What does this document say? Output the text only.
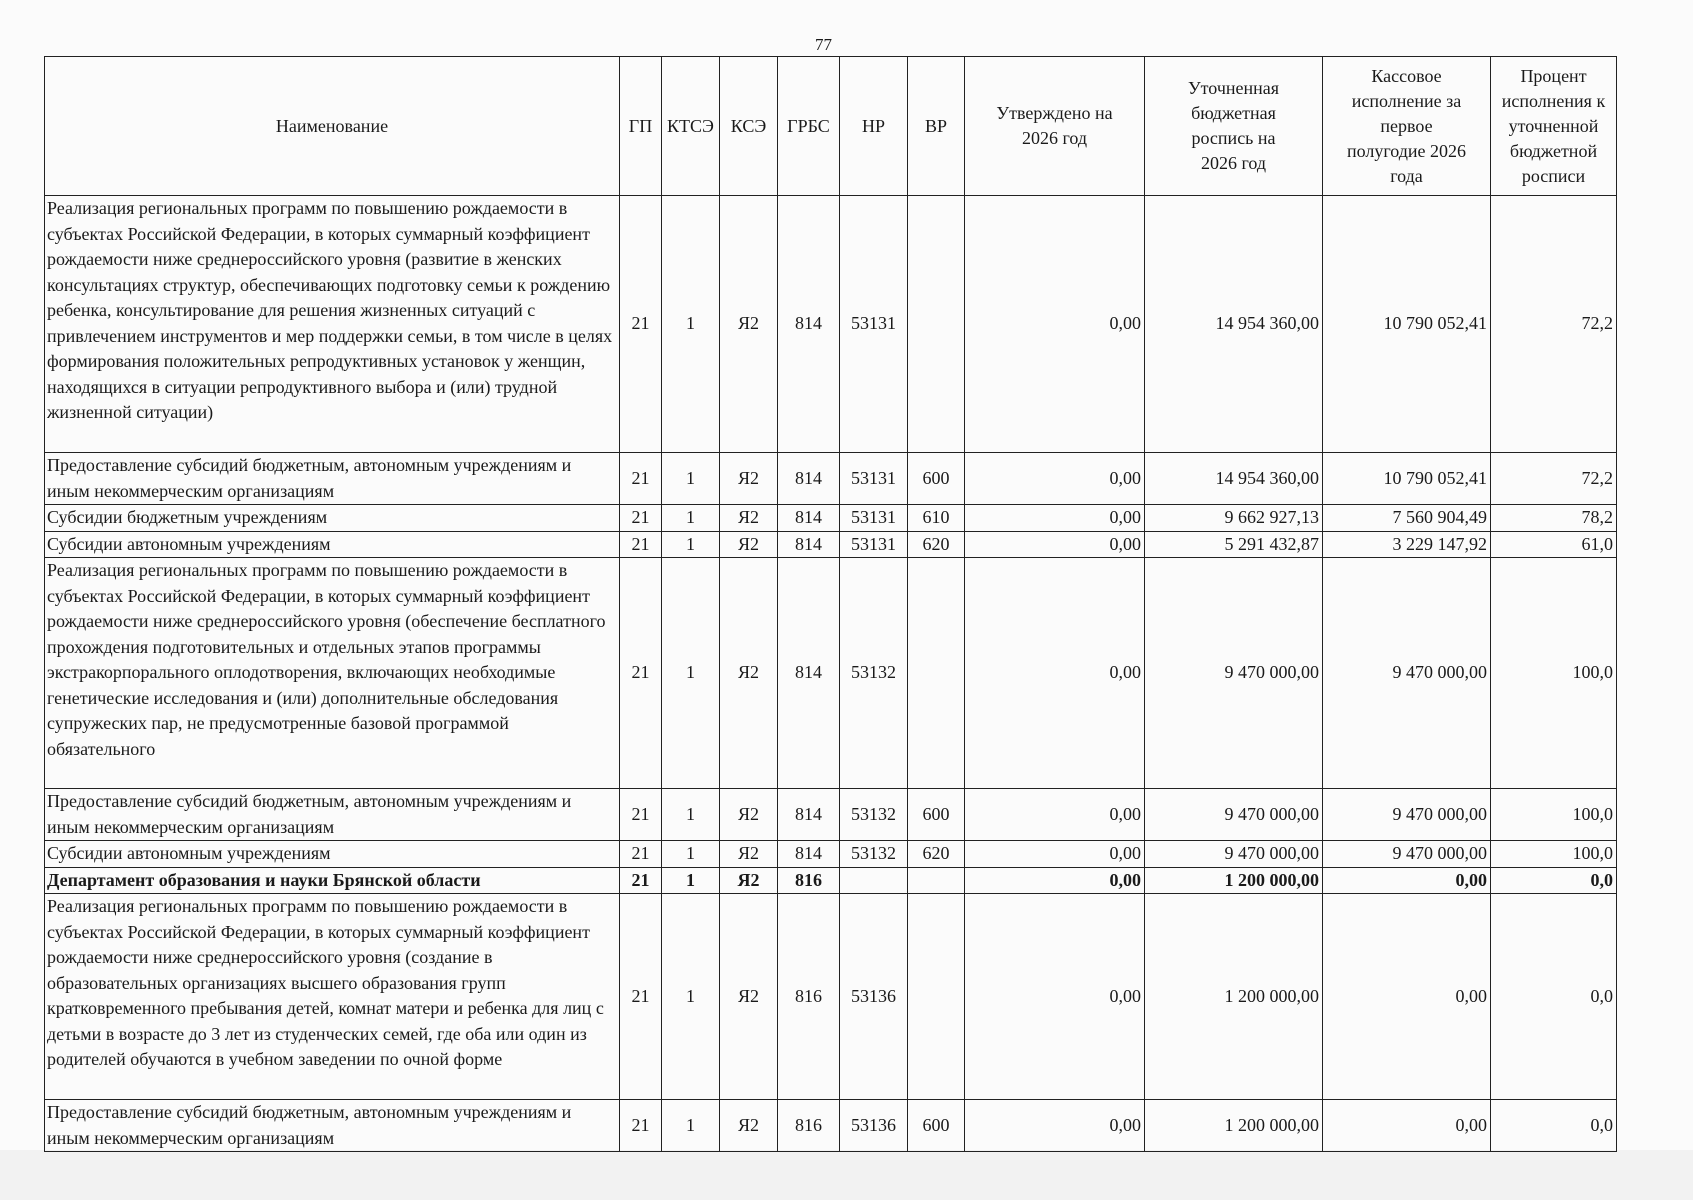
77
Наименование	ГП	КТСЭ	КСЭ	ГРБС	НР	ВР	Утверждено на 2026 год	Уточненная бюджетная роспись на 2026 год	Кассовое исполнение за первое полугодие 2026 года	Процент исполнения к уточненной бюджетной росписи
Реализация региональных программ по повышению рождаемости в субъектах Российской Федерации, в которых суммарный коэффициент рождаемости ниже среднероссийского уровня (развитие в женских консультациях структур, обеспечивающих подготовку семьи к рождению ребенка, консультирование для решения жизненных ситуаций с привлечением инструментов и мер поддержки семьи, в том числе в целях формирования положительных репродуктивных установок у женщин, находящихся в ситуации репродуктивного выбора и (или) трудной жизненной ситуации)	21	1	Я2	814	53131		0,00	14 954 360,00	10 790 052,41	72,2
Предоставление субсидий бюджетным, автономным учреждениям и иным некоммерческим организациям	21	1	Я2	814	53131	600	0,00	14 954 360,00	10 790 052,41	72,2
Субсидии бюджетным учреждениям	21	1	Я2	814	53131	610	0,00	9 662 927,13	7 560 904,49	78,2
Субсидии автономным учреждениям	21	1	Я2	814	53131	620	0,00	5 291 432,87	3 229 147,92	61,0
Реализация региональных программ по повышению рождаемости в субъектах Российской Федерации, в которых суммарный коэффициент рождаемости ниже среднероссийского уровня (обеспечение бесплатного прохождения подготовительных и отдельных этапов программы экстракорпорального оплодотворения, включающих необходимые генетические исследования и (или) дополнительные обследования супружеских пар, не предусмотренные базовой программой обязательного	21	1	Я2	814	53132		0,00	9 470 000,00	9 470 000,00	100,0
Предоставление субсидий бюджетным, автономным учреждениям и иным некоммерческим организациям	21	1	Я2	814	53132	600	0,00	9 470 000,00	9 470 000,00	100,0
Субсидии автономным учреждениям	21	1	Я2	814	53132	620	0,00	9 470 000,00	9 470 000,00	100,0
Департамент образования и науки Брянской области	21	1	Я2	816			0,00	1 200 000,00	0,00	0,0
Реализация региональных программ по повышению рождаемости в субъектах Российской Федерации, в которых суммарный коэффициент рождаемости ниже среднероссийского уровня (создание в образовательных организациях высшего образования групп кратковременного пребывания детей, комнат матери и ребенка для лиц с детьми в возрасте до 3 лет из студенческих семей, где оба или один из родителей обучаются в учебном заведении по очной форме	21	1	Я2	816	53136		0,00	1 200 000,00	0,00	0,0
Предоставление субсидий бюджетным, автономным учреждениям и иным некоммерческим организациям	21	1	Я2	816	53136	600	0,00	1 200 000,00	0,00	0,0
